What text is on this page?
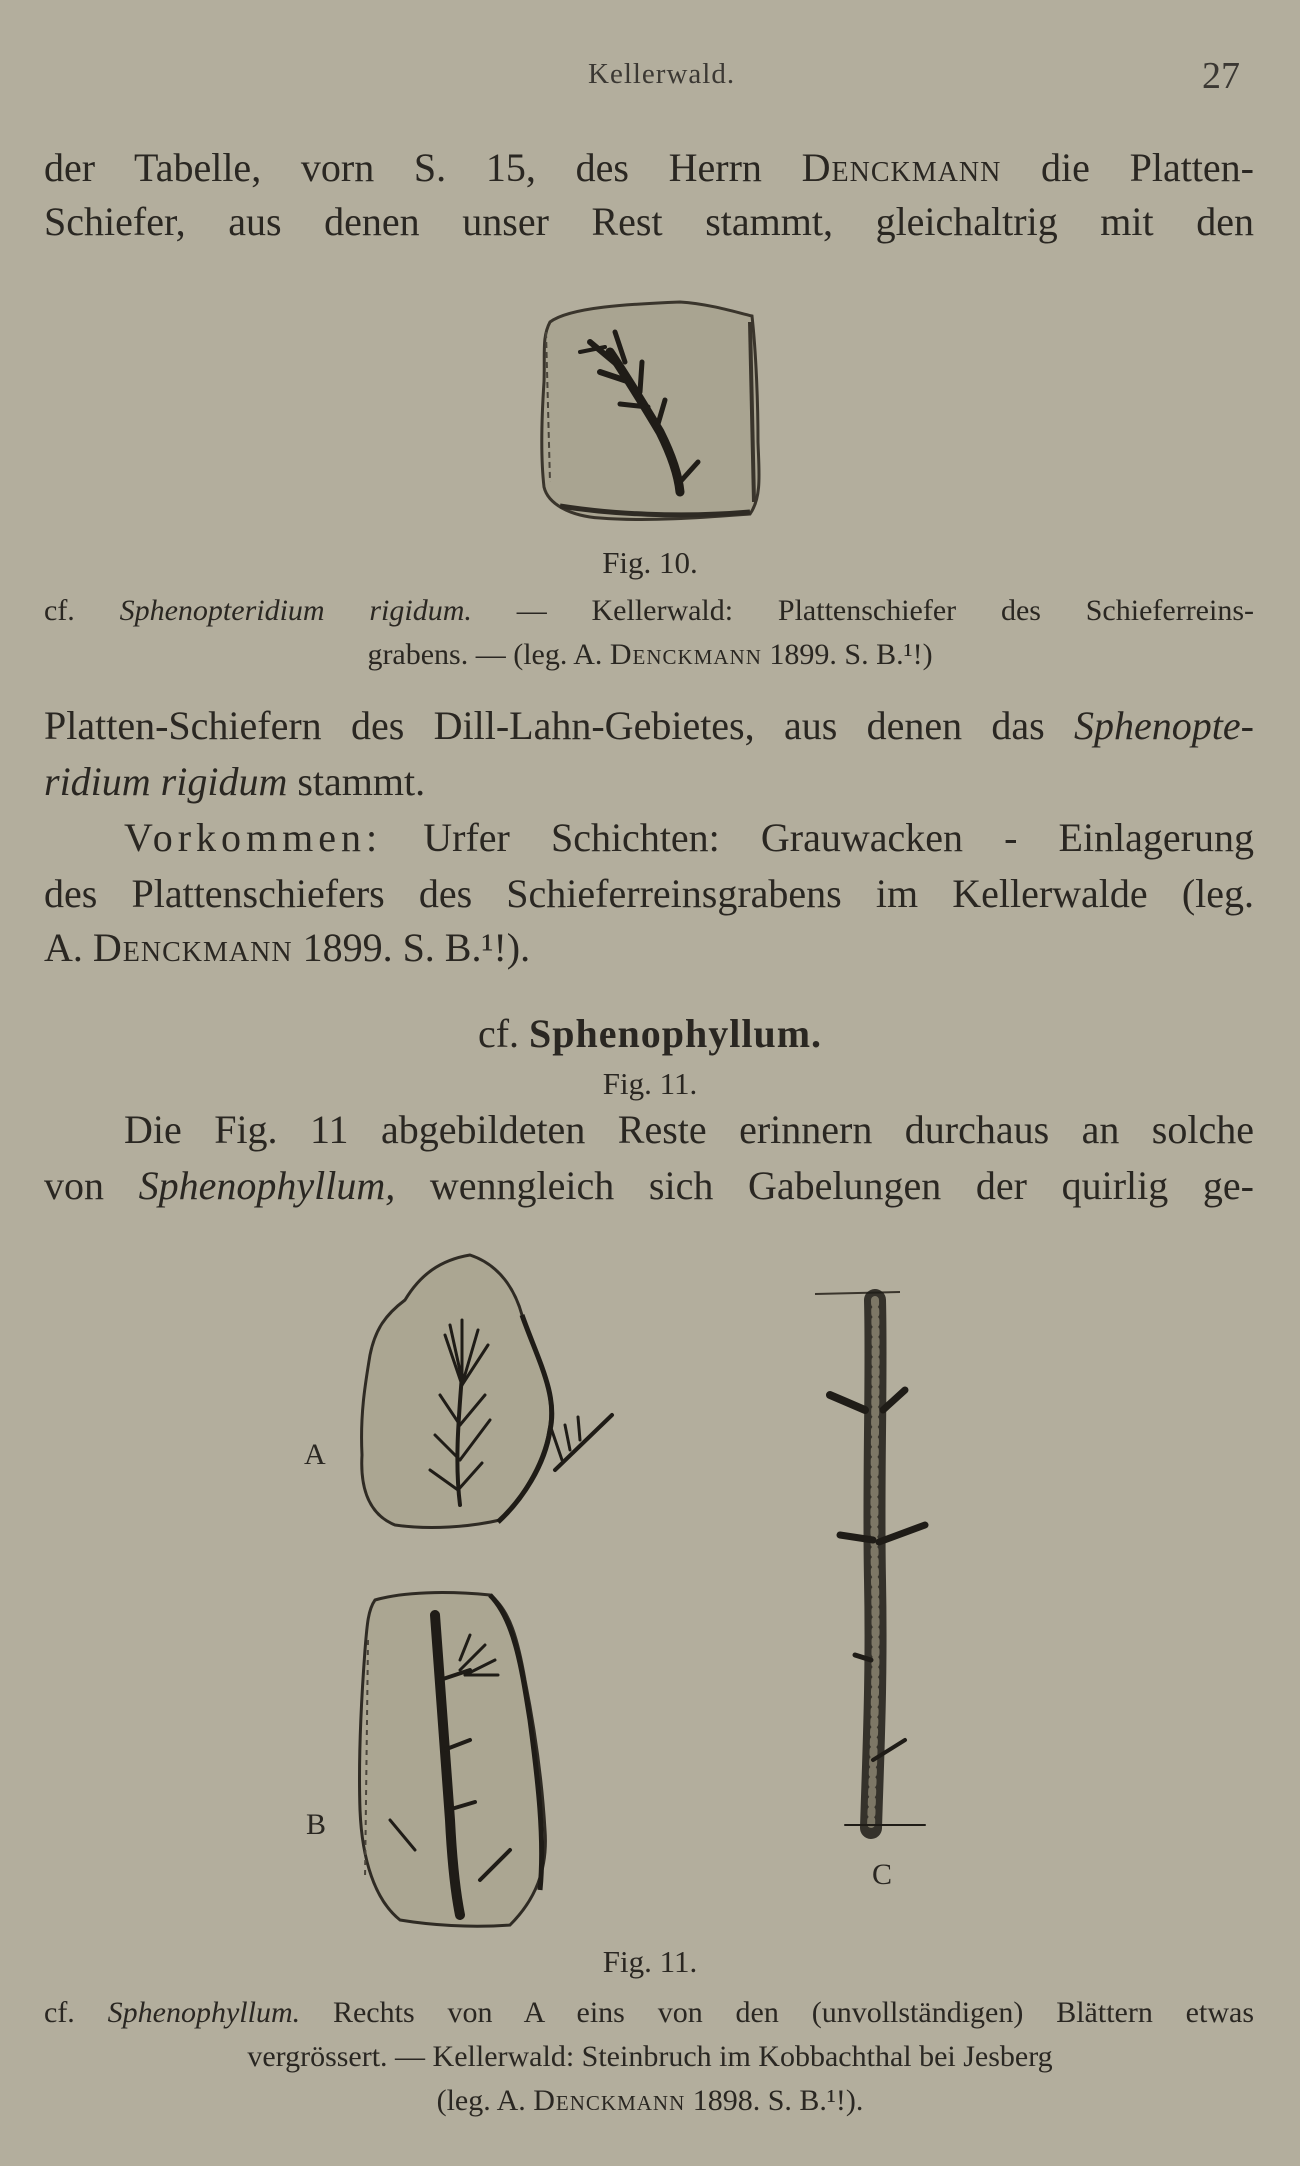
Kellerwald.	27
der Tabelle, vorn S. 15, des Herrn Denckmann die Platten-
Schiefer, aus denen unser Rest stammt, gleichaltrig mit den
Fig. 10.
cf. Sphenopteridium rigidum. — Kellerwald: Plattenschiefer des Schieferreins-
grabens. — (leg. A. Denckmann 1899. S. B.¹!)
Platten-Schiefern des Dill-Lahn-Gebietes, aus denen das Sphenopte-
ridium rigidum stammt.
Vorkommen: Urfer Schichten: Grauwacken - Einlagerung
des Plattenschiefers des Schieferreinsgrabens im Kellerwalde (leg.
A. Denckmann 1899. S. B.¹!).
cf. Sphenophyllum.
Fig. 11.
Die Fig. 11 abgebildeten Reste erinnern durchaus an solche
von Sphenophyllum, wenngleich sich Gabelungen der quirlig ge-
A
B
C
Fig. 11.
cf. Sphenophyllum. Rechts von A eins von den (unvollständigen) Blättern etwas
vergrössert. — Kellerwald: Steinbruch im Kobbachthal bei Jesberg
(leg. A. Denckmann 1898. S. B.¹!).
